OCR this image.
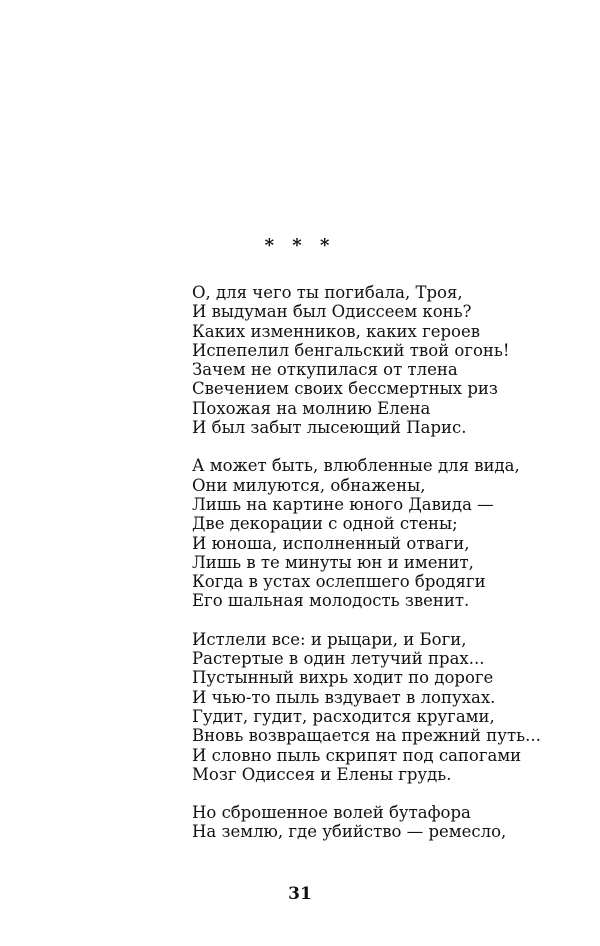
* * *
О, для чего ты погибала, Троя,
И выдуман был Одиссеем конь?
Каких изменников, каких героев
Испепелил бенгальский твой огонь!
Зачем не откупилася от тлена
Свечением своих бессмертных риз
Похожая на молнию Елена
И был забыт лысеющий Парис.
А может быть, влюбленные для вида,
Они милуются, обнажены,
Лишь на картине юного Давида —
Две декорации с одной стены;
И юноша, исполненный отваги,
Лишь в те минуты юн и именит,
Когда в устах ослепшего бродяги
Его шальная молодость звенит.
Истлели все: и рыцари, и Боги,
Растертые в один летучий прах...
Пустынный вихрь ходит по дороге
И чью-то пыль вздувает в лопухах.
Гудит, гудит, расходится кругами,
Вновь возвращается на прежний путь...
И словно пыль скрипят под сапогами
Мозг Одиссея и Елены грудь.
Но сброшенное волей бутафора
На землю, где убийство — ремесло,
31
